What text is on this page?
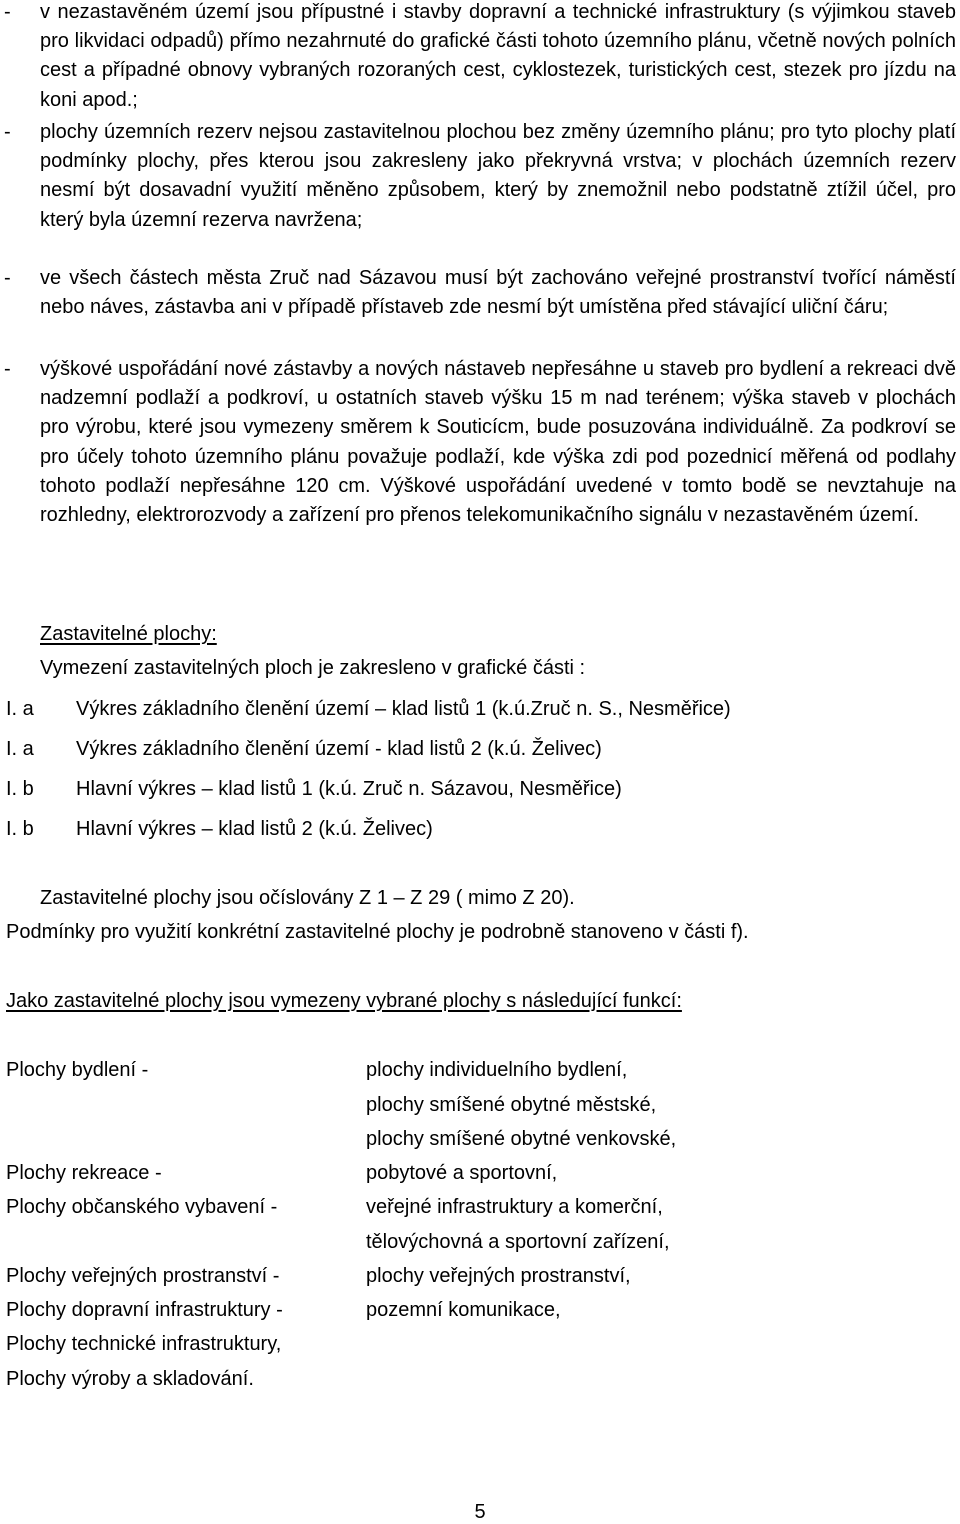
- v nezastavěném území jsou přípustné i stavby dopravní a technické infrastruktury (s výjimkou staveb pro likvidaci odpadů) přímo nezahrnuté do grafické části tohoto územního plánu, včetně nových polních cest a případné obnovy vybraných rozoraných cest, cyklostezek, turistických cest, stezek pro jízdu na koni apod.;
- plochy územních rezerv nejsou zastavitelnou plochou bez změny územního plánu; pro tyto plochy platí podmínky plochy, přes kterou jsou zakresleny jako překryvná vrstva; v plochách územních rezerv nesmí být dosavadní využití měněno způsobem, který by znemožnil nebo podstatně ztížil účel, pro který byla územní rezerva navržena;
- ve všech částech města Zruč nad Sázavou musí být zachováno veřejné prostranství tvořící náměstí nebo náves, zástavba ani v případě přístaveb zde nesmí být umístěna před stávající uliční čáru;
- výškové uspořádání nové zástavby a nových nástaveb nepřesáhne u staveb pro bydlení a rekreaci dvě nadzemní podlaží a podkroví, u ostatních staveb výšku 15 m nad terénem; výška staveb v plochách pro výrobu, které jsou vymezeny směrem k Souticícm, bude posuzována individuálně. Za podkroví se pro účely tohoto územního plánu považuje podlaží, kde výška zdi pod pozednicí měřená od podlahy tohoto podlaží nepřesáhne 120 cm. Výškové uspořádání uvedené v tomto bodě se nevztahuje na rozhledny, elektrorozvody a zařízení pro přenos telekomunikačního signálu v nezastavěném území.
Zastavitelné plochy:
Vymezení zastavitelných ploch je zakresleno v grafické části :
I. a Výkres základního členění území – klad listů 1 (k.ú.Zruč n. S., Nesměřice)
I. a Výkres základního členění území - klad listů 2 (k.ú. Želivec)
I. b Hlavní výkres – klad listů 1 (k.ú. Zruč n. Sázavou, Nesměřice)
I. b Hlavní výkres – klad listů 2 (k.ú. Želivec)
Zastavitelné plochy jsou očíslovány Z 1 – Z 29 ( mimo Z 20).
Podmínky pro využití konkrétní zastavitelné plochy je podrobně stanoveno v části f).
Jako zastavitelné plochy jsou vymezeny vybrané plochy s následující funkcí:
Plochy bydlení -	plochy individuelního bydlení,
plochy smíšené obytné městské,
plochy smíšené obytné venkovské,
Plochy rekreace -	pobytové a sportovní,
Plochy občanského vybavení -	veřejné infrastruktury a komerční,
tělovýchovná a sportovní zařízení,
Plochy veřejných prostranství -	plochy veřejných prostranství,
Plochy dopravní infrastruktury -	pozemní komunikace,
Plochy technické infrastruktury,
Plochy výroby a skladování.
5
